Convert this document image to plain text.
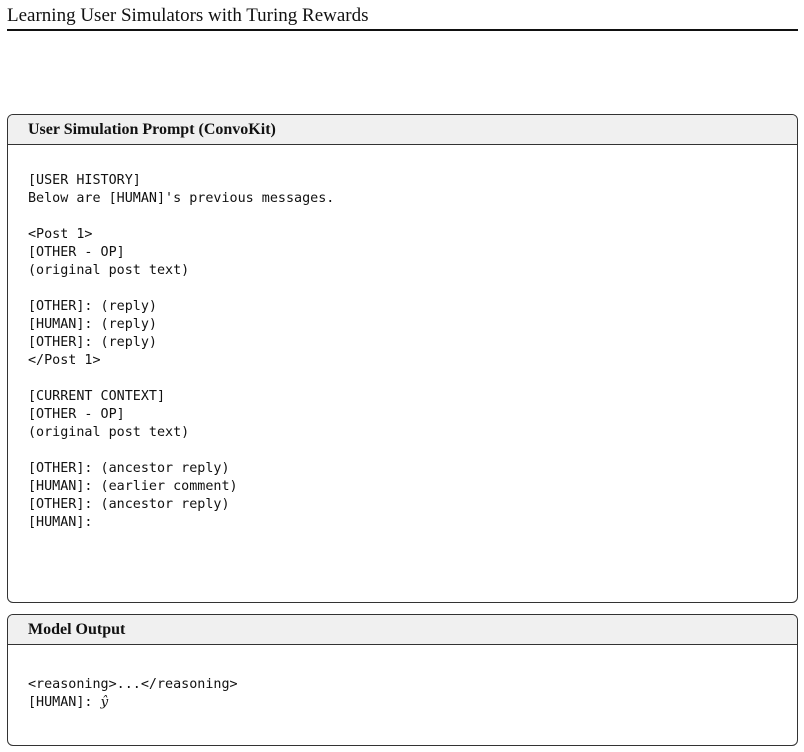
Learning User Simulators with Turing Rewards
User Simulation Prompt (ConvoKit)
[USER HISTORY]
Below are [HUMAN]'s previous messages.
<Post 1>
[OTHER - OP]
(original post text)
[OTHER]: (reply)
[HUMAN]: (reply)
[OTHER]: (reply)
</Post 1>
[CURRENT CONTEXT]
[OTHER - OP]
(original post text)
[OTHER]: (ancestor reply)
[HUMAN]: (earlier comment)
[OTHER]: (ancestor reply)
[HUMAN]:
Model Output
<reasoning>...</reasoning>
[HUMAN]: ŷ
